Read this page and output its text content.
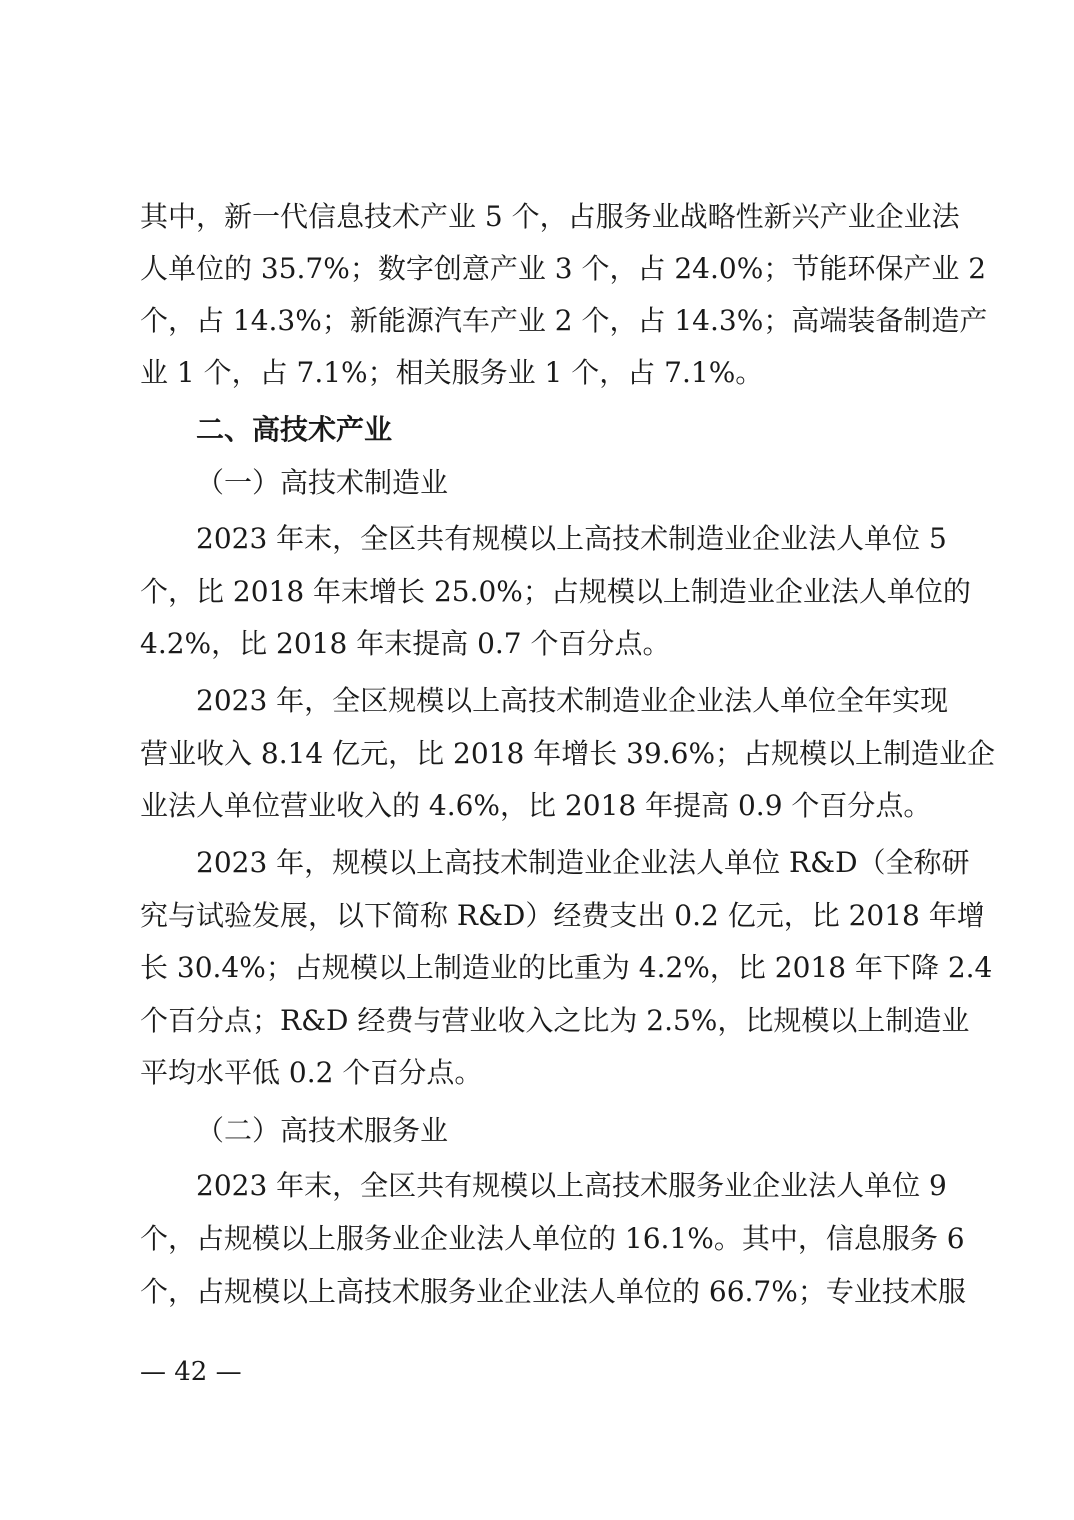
其中，新一代信息技术产业 5 个，占服务业战略性新兴产业企业法
人单位的 35.7%；数字创意产业 3 个，占 24.0%；节能环保产业 2
个，占 14.3%；新能源汽车产业 2 个，占 14.3%；高端装备制造产
业 1 个，占 7.1%；相关服务业 1 个，占 7.1%。
二、高技术产业
（一）高技术制造业
2023 年末，全区共有规模以上高技术制造业企业法人单位 5
个，比 2018 年末增长 25.0%；占规模以上制造业企业法人单位的
4.2%，比 2018 年末提高 0.7 个百分点。
2023 年，全区规模以上高技术制造业企业法人单位全年实现
营业收入 8.14 亿元，比 2018 年增长 39.6%；占规模以上制造业企
业法人单位营业收入的 4.6%，比 2018 年提高 0.9 个百分点。
2023 年，规模以上高技术制造业企业法人单位 R&D（全称研
究与试验发展，以下简称 R&D）经费支出 0.2 亿元，比 2018 年增
长 30.4%；占规模以上制造业的比重为 4.2%，比 2018 年下降 2.4
个百分点；R&D 经费与营业收入之比为 2.5%，比规模以上制造业
平均水平低 0.2 个百分点。
（二）高技术服务业
2023 年末，全区共有规模以上高技术服务业企业法人单位 9
个，占规模以上服务业企业法人单位的 16.1%。其中，信息服务 6
个，占规模以上高技术服务业企业法人单位的 66.7%；专业技术服
— 42 —
